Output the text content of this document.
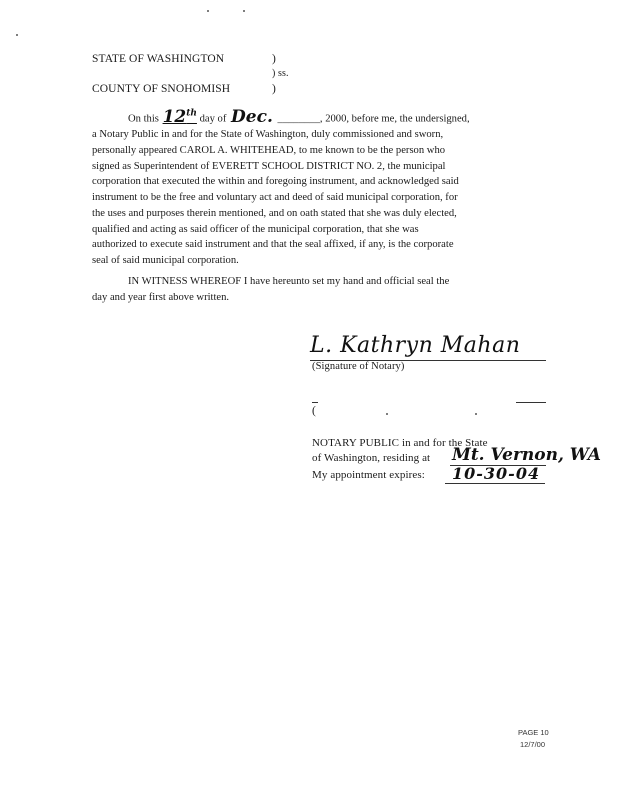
STATE OF WASHINGTON	)
) ss.
COUNTY OF SNOHOMISH	)
On this 12th day of Dec. ________, 2000, before me, the undersigned,
a Notary Public in and for the State of Washington, duly commissioned and sworn,
personally appeared CAROL A. WHITEHEAD, to me known to be the person who
signed as Superintendent of EVERETT SCHOOL DISTRICT NO. 2, the municipal
corporation that executed the within and foregoing instrument, and acknowledged said
instrument to be the free and voluntary act and deed of said municipal corporation, for
the uses and purposes therein mentioned, and on oath stated that she was duly elected,
qualified and acting as said officer of the municipal corporation, that she was
authorized to execute said instrument and that the seal affixed, if any, is the corporate
seal of said municipal corporation.
IN WITNESS WHEREOF I have hereunto set my hand and official seal the
day and year first above written.
L. Kathryn Mahan
(Signature of Notary)
(
NOTARY PUBLIC in and for the State
of Washington, residing at Mt. Vernon, WA
My appointment expires: 10-30-04
PAGE 10
12/7/00
